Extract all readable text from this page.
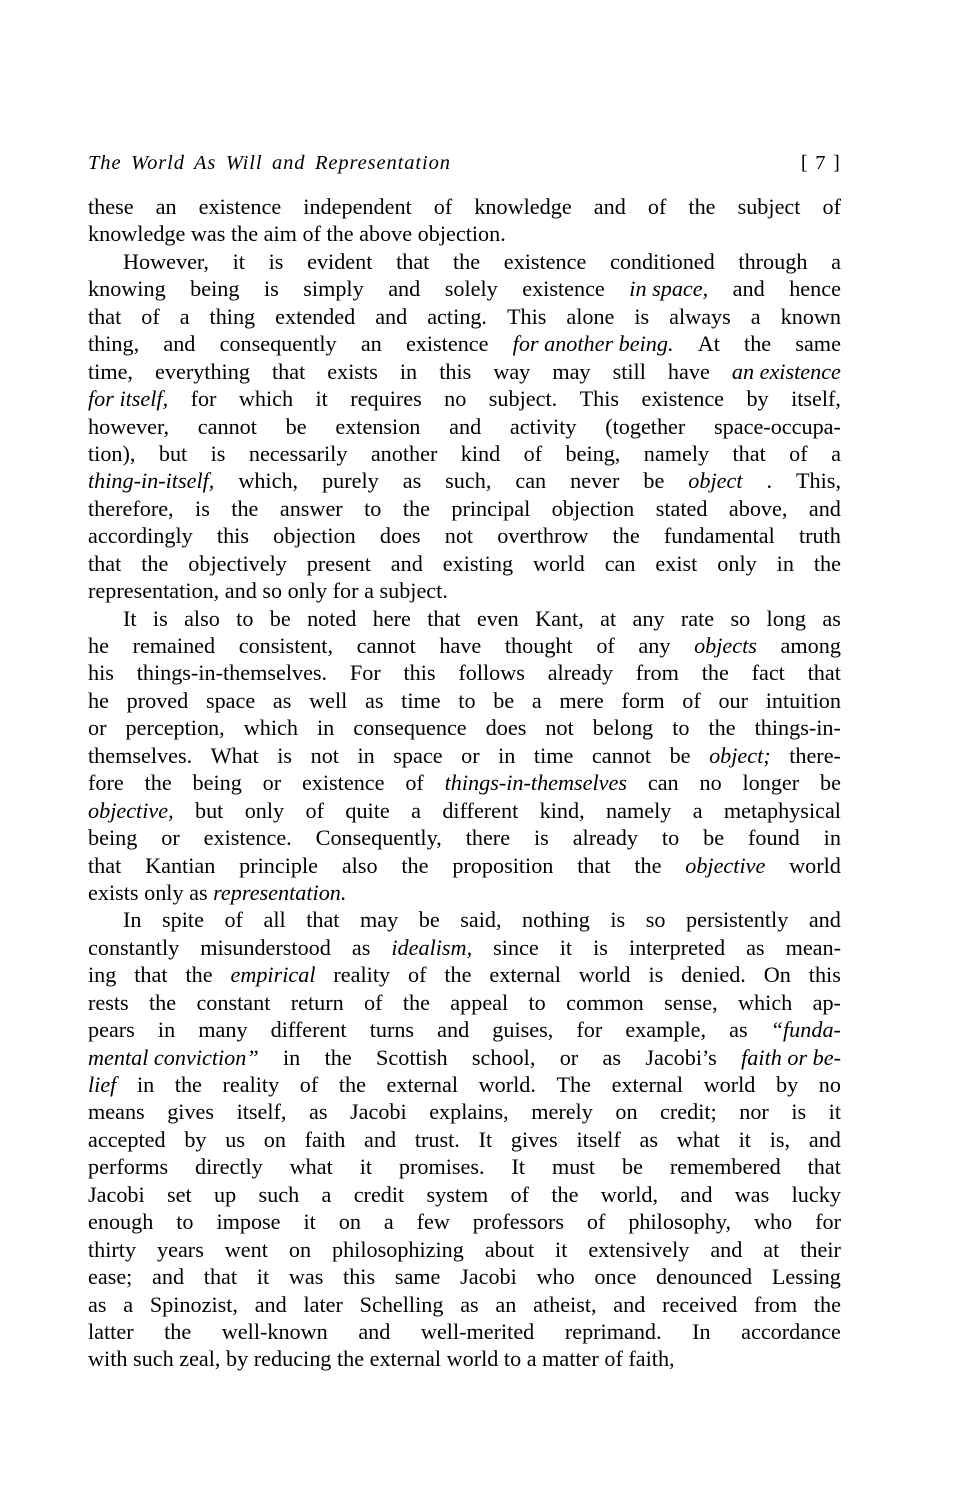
The World As Will and Representation	[ 7 ]
these an existence independent of knowledge and of the subject of
knowledge
was
the
aim
of
the
above
objection.
However, it is evident that the existence conditioned through a
knowing being is simply and solely existence in space, and hence
that of a thing extended and acting. This alone is always a known
thing, and consequently an existence for another being. At the same
time, everything that exists in this way may still have an existence
for itself, for which it requires no subject. This existence by itself,
however, cannot be extension and activity (together space-occupa-
tion), but is necessarily another kind of being, namely that of a
thing-in-itself, which, purely as such, can never be object . This,
therefore, is the answer to the principal objection stated above, and
accordingly this objection does not overthrow the fundamental truth
that the objectively present and existing world can exist only in the
representation,
and
so
only
for
a
subject.
It is also to be noted here that even Kant, at any rate so long as
he remained consistent, cannot have thought of any objects among
his things-in-themselves. For this follows already from the fact that
he proved space as well as time to be a mere form of our intuition
or perception, which in consequence does not belong to the things-in-
themselves. What is not in space or in time cannot be object; there-
fore the being or existence of things-in-themselves can no longer be
objective, but only of quite a different kind, namely a metaphysical
being or existence. Consequently, there is already to be found in
that Kantian principle also the proposition that the objective world
exists
only
as
representation.
In spite of all that may be said, nothing is so persistently and
constantly misunderstood as idealism, since it is interpreted as mean-
ing that the empirical reality of the external world is denied. On this
rests the constant return of the appeal to common sense, which ap-
pears in many different turns and guises, for example, as “funda-
mental conviction” in the Scottish school, or as Jacobi’s faith or be-
lief in the reality of the external world. The external world by no
means gives itself, as Jacobi explains, merely on credit; nor is it
accepted by us on faith and trust. It gives itself as what it is, and
performs directly what it promises. It must be remembered that
Jacobi set up such a credit system of the world, and was lucky
enough to impose it on a few professors of philosophy, who for
thirty years went on philosophizing about it extensively and at their
ease; and that it was this same Jacobi who once denounced Lessing
as a Spinozist, and later Schelling as an atheist, and received from the
latter the well-known and well-merited reprimand. In accordance
with
such
zeal,
by
reducing
the
external
world
to
a
matter
of
faith,
